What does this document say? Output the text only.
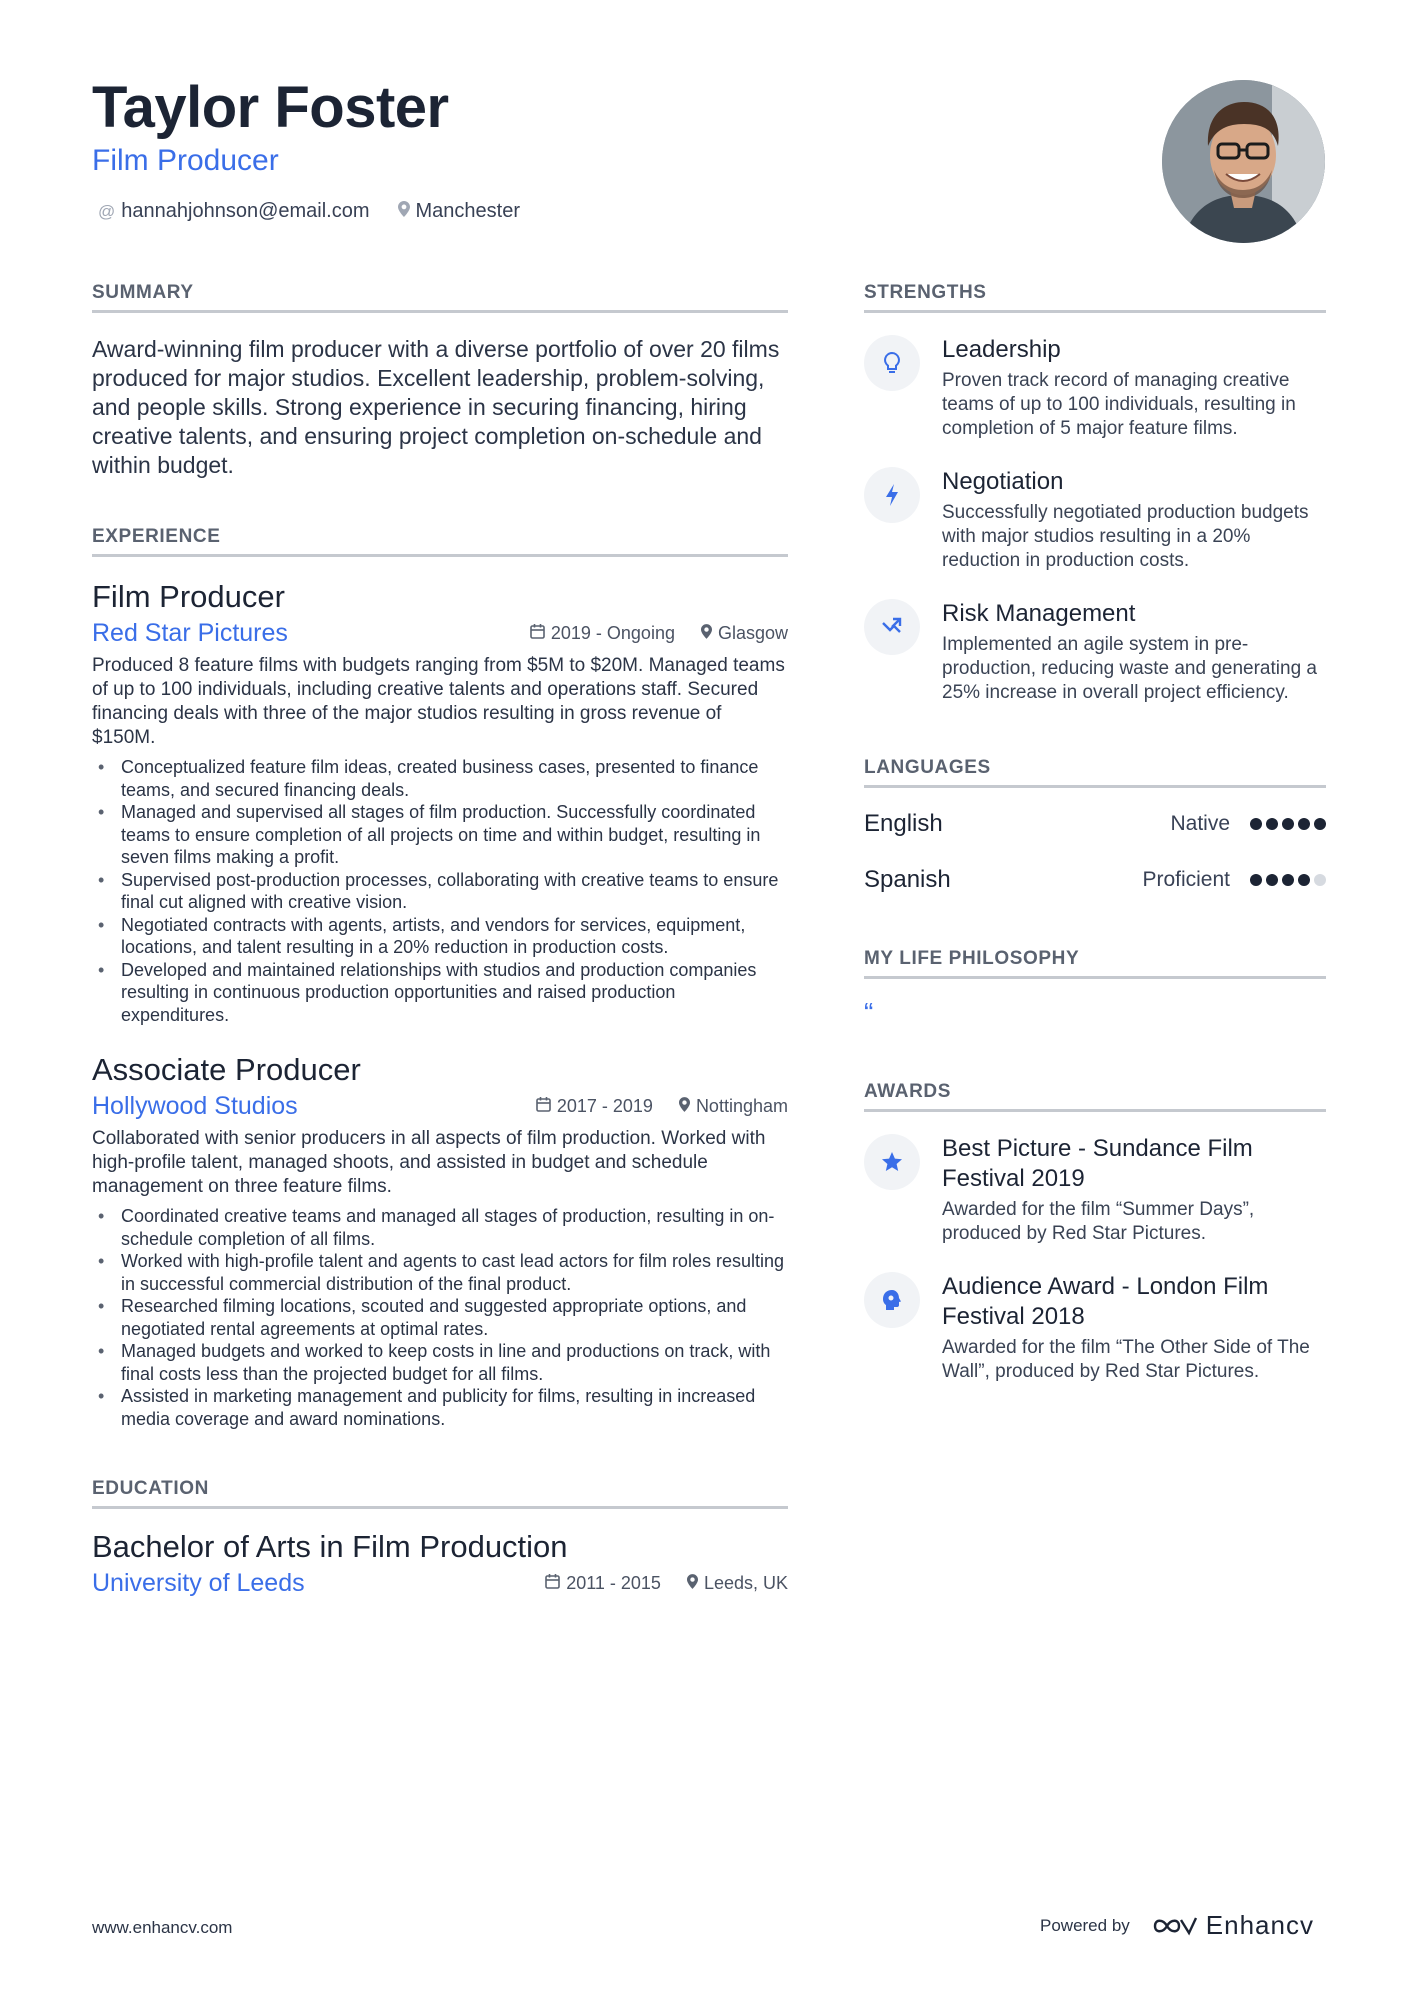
Taylor Foster
Film Producer
@ hannahjohnson@email.com Manchester
SUMMARY
Award-winning film producer with a diverse portfolio of over 20 films produced for major studios. Excellent leadership, problem-solving, and people skills. Strong experience in securing financing, hiring creative talents, and ensuring project completion on-schedule and within budget.
EXPERIENCE
Film Producer
Red Star Pictures	2019 - Ongoing Glasgow
Produced 8 feature films with budgets ranging from $5M to $20M. Managed teams of up to 100 individuals, including creative talents and operations staff. Secured financing deals with three of the major studios resulting in gross revenue of $150M.
• Conceptualized feature film ideas, created business cases, presented to finance teams, and secured financing deals.
• Managed and supervised all stages of film production. Successfully coordinated teams to ensure completion of all projects on time and within budget, resulting in seven films making a profit.
• Supervised post-production processes, collaborating with creative teams to ensure final cut aligned with creative vision.
• Negotiated contracts with agents, artists, and vendors for services, equipment, locations, and talent resulting in a 20% reduction in production costs.
• Developed and maintained relationships with studios and production companies resulting in continuous production opportunities and raised production expenditures.
Associate Producer
Hollywood Studios	2017 - 2019 Nottingham
Collaborated with senior producers in all aspects of film production. Worked with high-profile talent, managed shoots, and assisted in budget and schedule management on three feature films.
• Coordinated creative teams and managed all stages of production, resulting in on-schedule completion of all films.
• Worked with high-profile talent and agents to cast lead actors for film roles resulting in successful commercial distribution of the final product.
• Researched filming locations, scouted and suggested appropriate options, and negotiated rental agreements at optimal rates.
• Managed budgets and worked to keep costs in line and productions on track, with final costs less than the projected budget for all films.
• Assisted in marketing management and publicity for films, resulting in increased media coverage and award nominations.
EDUCATION
Bachelor of Arts in Film Production
University of Leeds	2011 - 2015 Leeds, UK
STRENGTHS
Leadership
Proven track record of managing creative teams of up to 100 individuals, resulting in completion of 5 major feature films.
Negotiation
Successfully negotiated production budgets with major studios resulting in a 20% reduction in production costs.
Risk Management
Implemented an agile system in pre-production, reducing waste and generating a 25% increase in overall project efficiency.
LANGUAGES
English	Native
Spanish	Proficient
MY LIFE PHILOSOPHY
“
AWARDS
Best Picture - Sundance Film Festival 2019
Awarded for the film “Summer Days”, produced by Red Star Pictures.
Audience Award - London Film Festival 2018
Awarded for the film “The Other Side of The Wall”, produced by Red Star Pictures.
www.enhancv.com	Powered by	Enhancv
